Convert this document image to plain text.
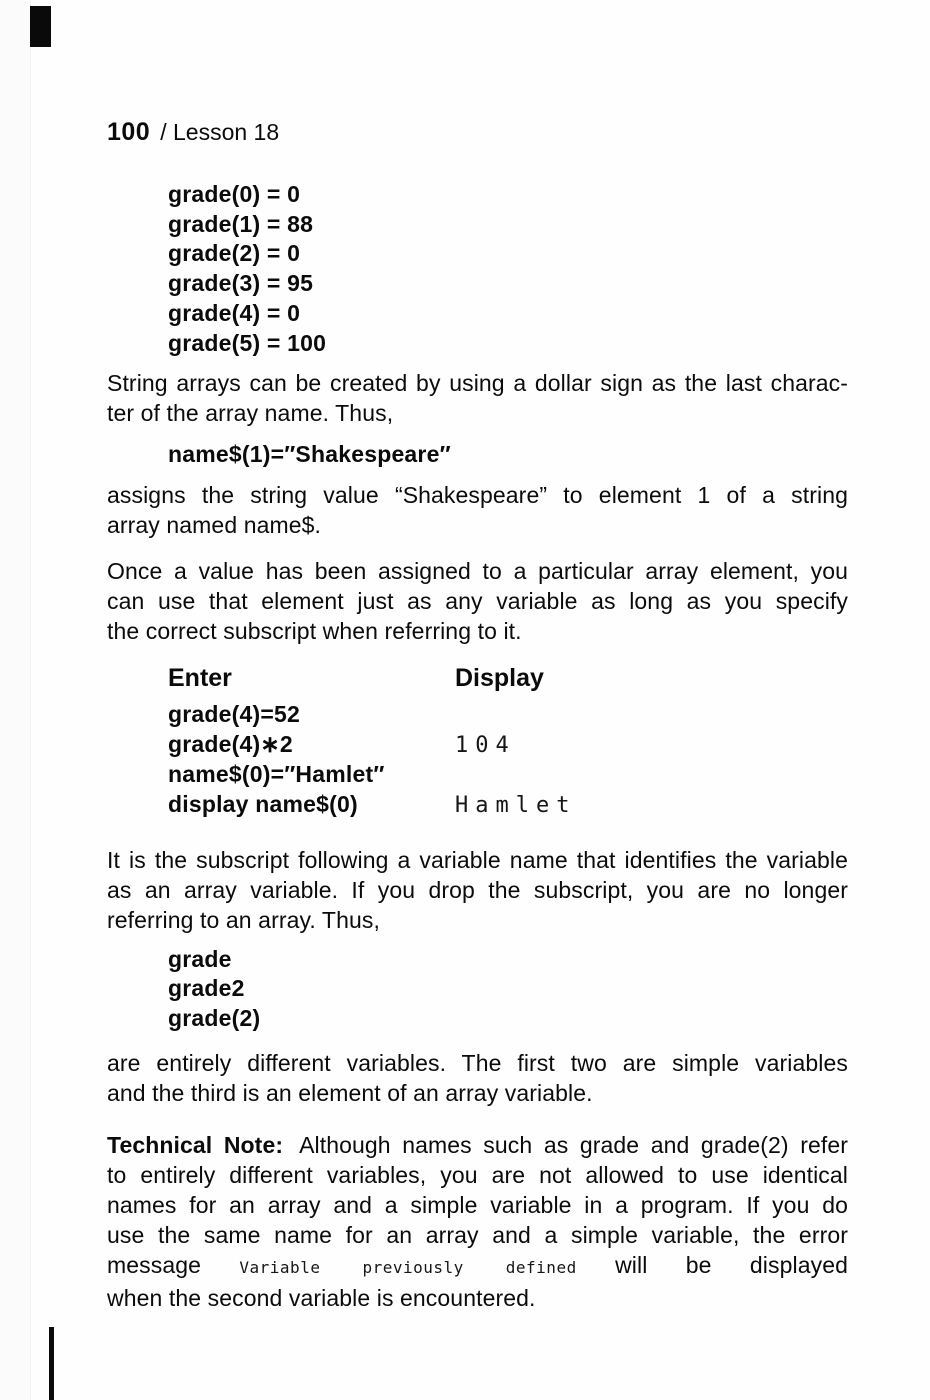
100 / Lesson 18
grade(0) = 0
grade(1) = 88
grade(2) = 0
grade(3) = 95
grade(4) = 0
grade(5) = 100
String arrays can be created by using a dollar sign as the last charac-
ter of the array name. Thus,
name$(1)=″Shakespeare″
assigns the string value “Shakespeare” to element 1 of a string
array named name$.
Once a value has been assigned to a particular array element, you
can use that element just as any variable as long as you specify
the correct subscript when referring to it.
Enter	Display
grade(4)=52
grade(4)∗2	104
name$(0)=″Hamlet″
display name$(0)	Hamlet
It is the subscript following a variable name that identifies the variable
as an array variable. If you drop the subscript, you are no longer
referring to an array. Thus,
grade
grade2
grade(2)
are entirely different variables. The first two are simple variables
and the third is an element of an array variable.
Technical Note: Although names such as grade and grade(2) refer
to entirely different variables, you are not allowed to use identical
names for an array and a simple variable in a program. If you do
use the same name for an array and a simple variable, the error
message Variable previously defined will be displayed
when the second variable is encountered.
